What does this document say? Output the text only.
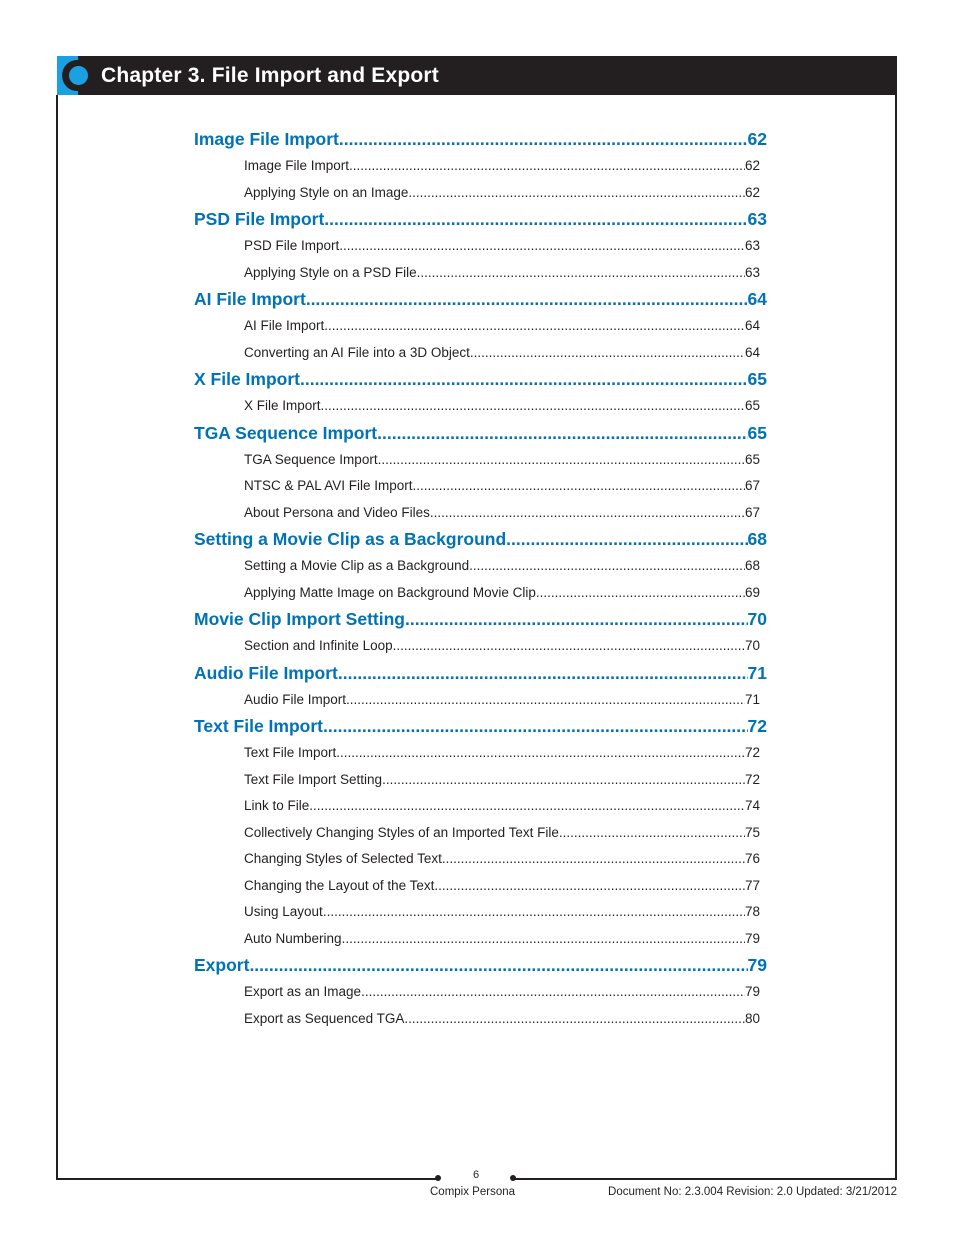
Chapter 3. File Import and Export
Image File Import .....	62
Image File Import .....	62
Applying Style on an Image .....	62
PSD File Import .....	63
PSD File Import .....	63
Applying Style on a PSD File .....	63
AI File Import .....	64
AI File Import .....	64
Converting an AI File into a 3D Object .....	64
X File Import .....	65
X File Import .....	65
TGA Sequence Import .....	65
TGA Sequence Import .....	65
NTSC & PAL AVI File Import .....	67
About Persona and Video Files .....	67
Setting a Movie Clip as a Background .....	68
Setting a Movie Clip as a Background .....	68
Applying Matte Image on Background Movie Clip .....	69
Movie Clip Import Setting .....	70
Section and Infinite Loop .....	70
Audio File Import .....	71
Audio File Import .....	71
Text File Import .....	72
Text File Import .....	72
Text File Import Setting .....	72
Link to File .....	74
Collectively Changing Styles of an Imported Text File .....	75
Changing Styles of Selected Text .....	76
Changing the Layout of the Text .....	77
Using Layout .....	78
Auto Numbering .....	79
Export .....	79
Export as an Image .....	79
Export as Sequenced TGA .....	80
6
Compix Persona	Document No: 2.3.004 Revision: 2.0 Updated: 3/21/2012
